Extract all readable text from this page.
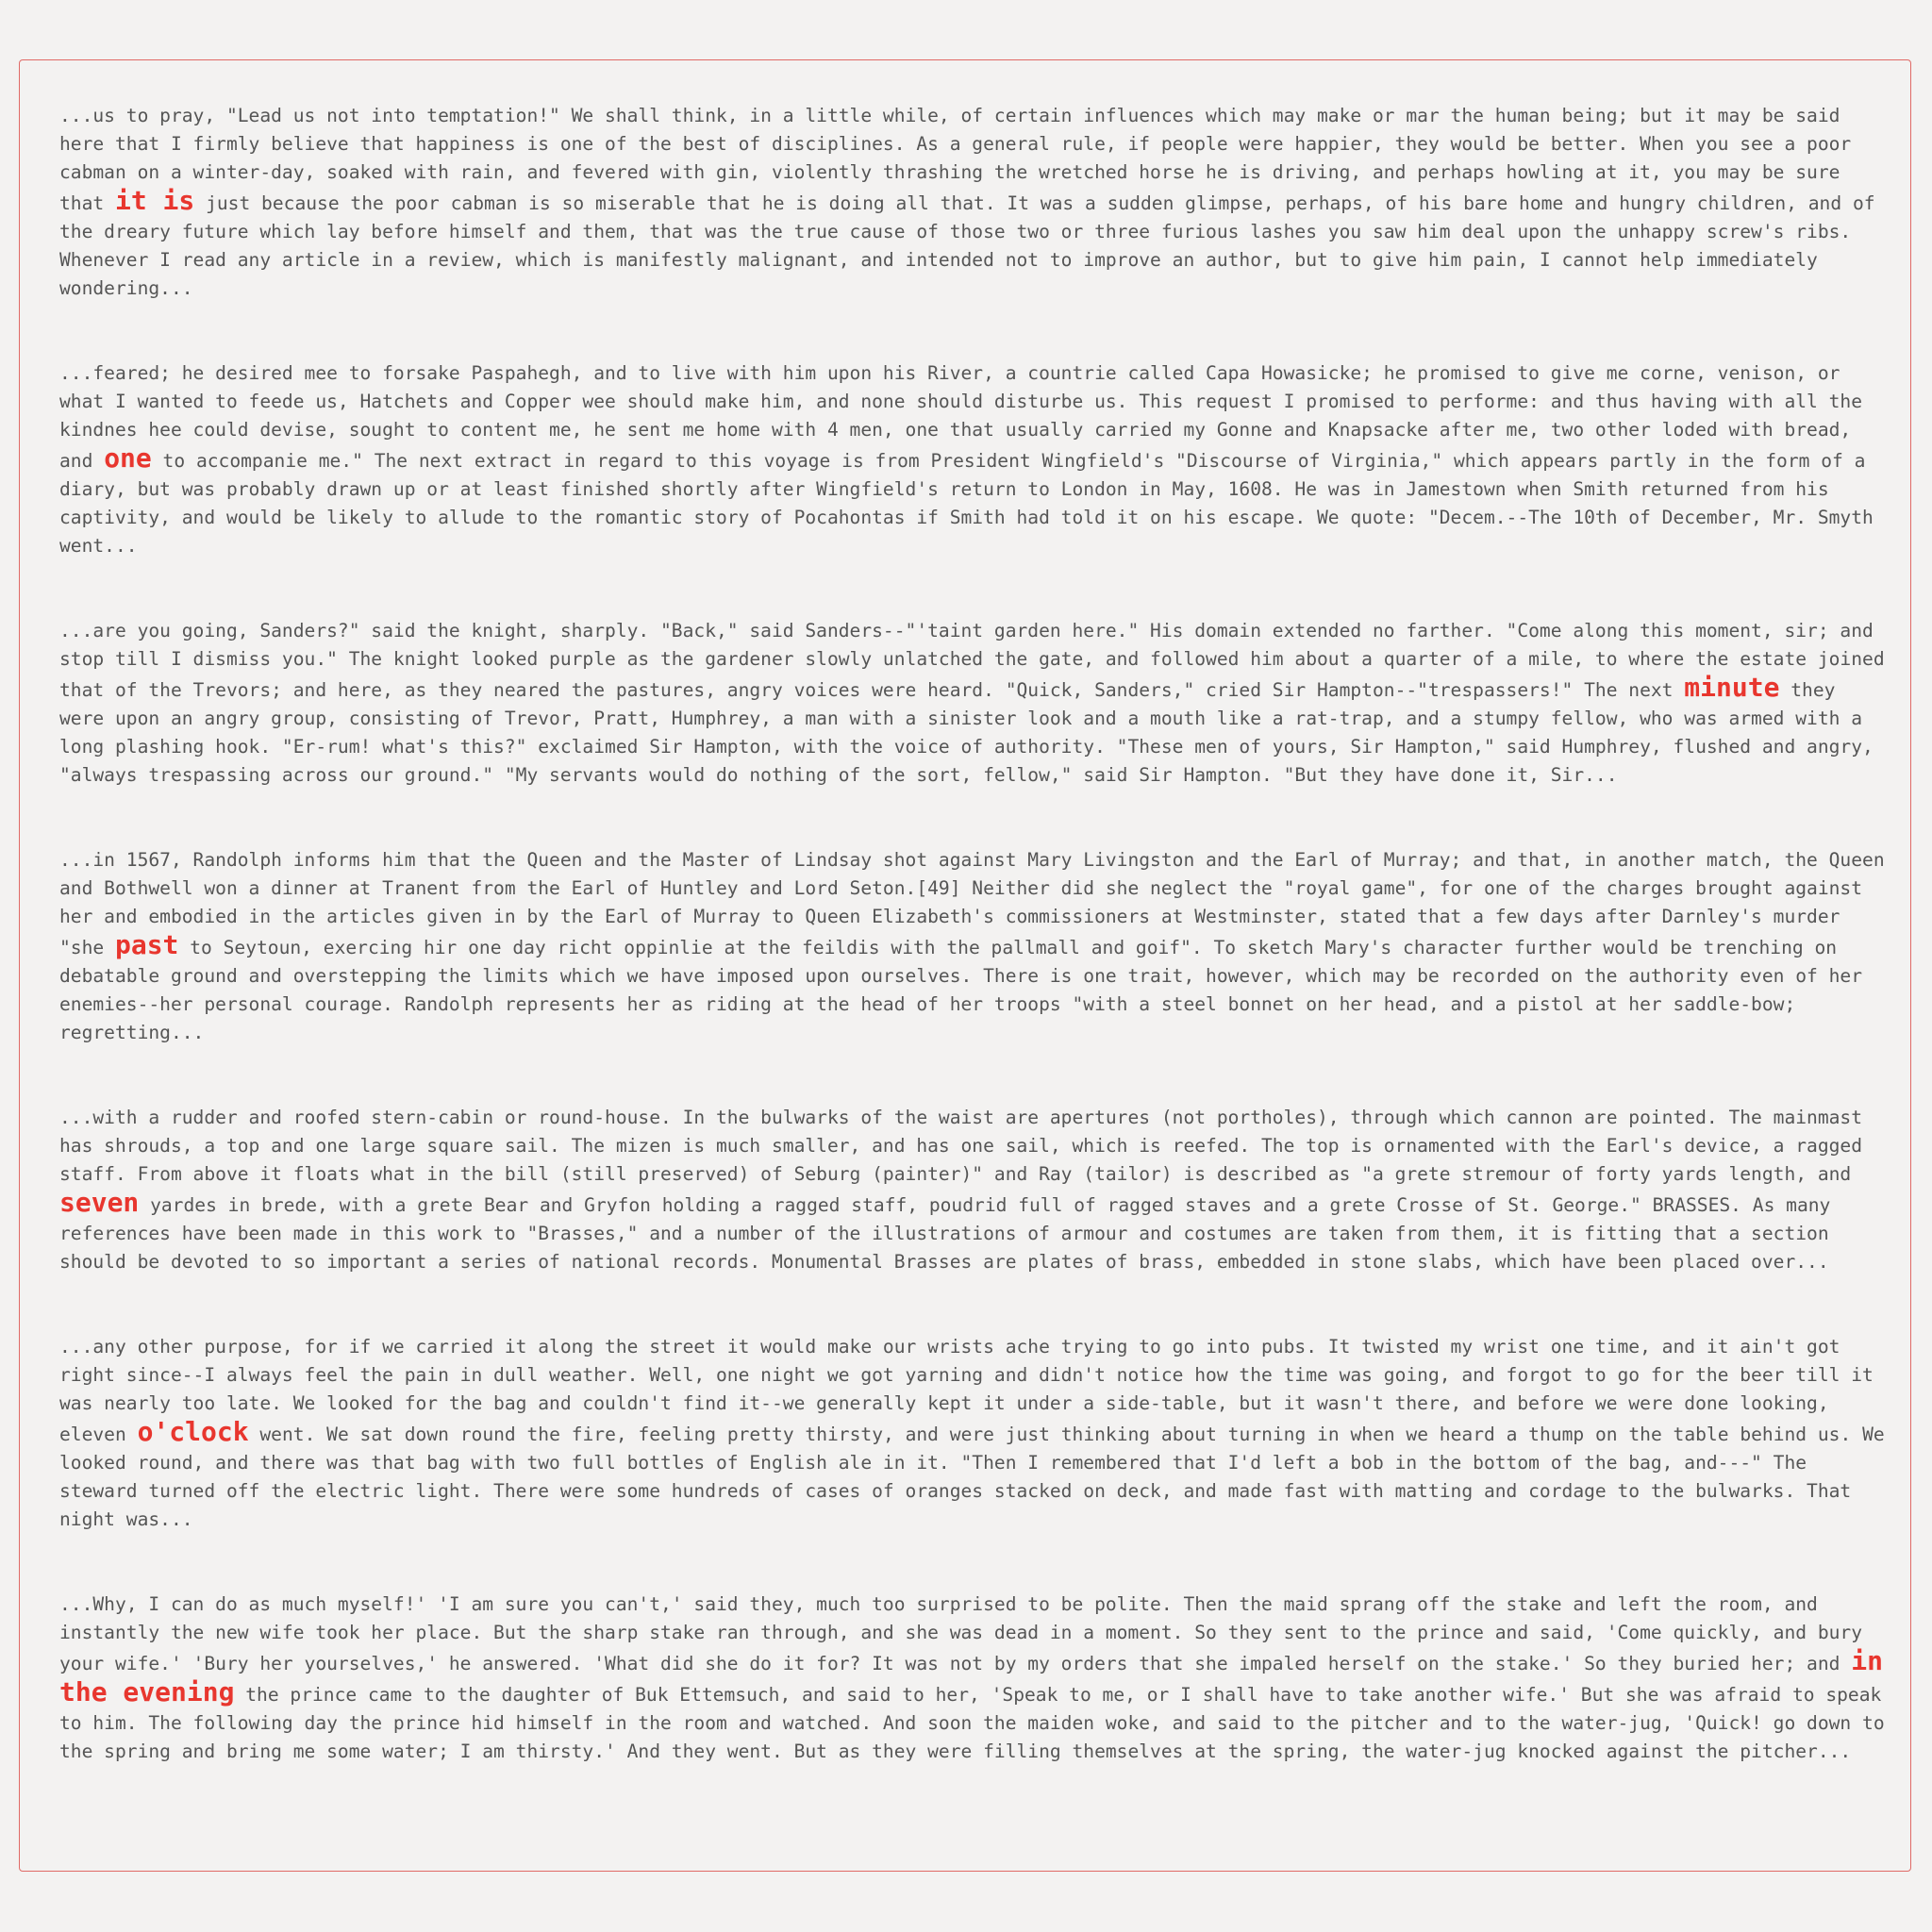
...us to pray, "Lead us not into temptation!" We shall think, in a little while, of certain influences which may make or mar the human being; but it may be said here that I firmly believe that happiness is one of the best of disciplines. As a general rule, if people were happier, they would be better. When you see a poor cabman on a winter-day, soaked with rain, and fevered with gin, violently thrashing the wretched horse he is driving, and perhaps howling at it, you may be sure that it is just because the poor cabman is so miserable that he is doing all that. It was a sudden glimpse, perhaps, of his bare home and hungry children, and of the dreary future which lay before himself and them, that was the true cause of those two or three furious lashes you saw him deal upon the unhappy screw's ribs. Whenever I read any article in a review, which is manifestly malignant, and intended not to improve an author, but to give him pain, I cannot help immediately wondering...

...feared; he desired mee to forsake Paspahegh, and to live with him upon his River, a countrie called Capa Howasicke; he promised to give me corne, venison, or what I wanted to feede us, Hatchets and Copper wee should make him, and none should disturbe us. This request I promised to performe: and thus having with all the kindnes hee could devise, sought to content me, he sent me home with 4 men, one that usually carried my Gonne and Knapsacke after me, two other loded with bread, and one to accompanie me." The next extract in regard to this voyage is from President Wingfield's "Discourse of Virginia," which appears partly in the form of a diary, but was probably drawn up or at least finished shortly after Wingfield's return to London in May, 1608. He was in Jamestown when Smith returned from his captivity, and would be likely to allude to the romantic story of Pocahontas if Smith had told it on his escape. We quote: "Decem.--The 10th of December, Mr. Smyth went...

...are you going, Sanders?" said the knight, sharply. "Back," said Sanders--"'taint garden here." His domain extended no farther. "Come along this moment, sir; and stop till I dismiss you." The knight looked purple as the gardener slowly unlatched the gate, and followed him about a quarter of a mile, to where the estate joined that of the Trevors; and here, as they neared the pastures, angry voices were heard. "Quick, Sanders," cried Sir Hampton--"trespassers!" The next minute they were upon an angry group, consisting of Trevor, Pratt, Humphrey, a man with a sinister look and a mouth like a rat-trap, and a stumpy fellow, who was armed with a long plashing hook. "Er-rum! what's this?" exclaimed Sir Hampton, with the voice of authority. "These men of yours, Sir Hampton," said Humphrey, flushed and angry, "always trespassing across our ground." "My servants would do nothing of the sort, fellow," said Sir Hampton. "But they have done it, Sir...

...in 1567, Randolph informs him that the Queen and the Master of Lindsay shot against Mary Livingston and the Earl of Murray; and that, in another match, the Queen and Bothwell won a dinner at Tranent from the Earl of Huntley and Lord Seton.[49] Neither did she neglect the "royal game", for one of the charges brought against her and embodied in the articles given in by the Earl of Murray to Queen Elizabeth's commissioners at Westminster, stated that a few days after Darnley's murder "she past to Seytoun, exercing hir one day richt oppinlie at the feildis with the pallmall and goif". To sketch Mary's character further would be trenching on debatable ground and overstepping the limits which we have imposed upon ourselves. There is one trait, however, which may be recorded on the authority even of her enemies--her personal courage. Randolph represents her as riding at the head of her troops "with a steel bonnet on her head, and a pistol at her saddle-bow; regretting...

...with a rudder and roofed stern-cabin or round-house. In the bulwarks of the waist are apertures (not portholes), through which cannon are pointed. The mainmast has shrouds, a top and one large square sail. The mizen is much smaller, and has one sail, which is reefed. The top is ornamented with the Earl's device, a ragged staff. From above it floats what in the bill (still preserved) of Seburg (painter)" and Ray (tailor) is described as "a grete stremour of forty yards length, and seven yardes in brede, with a grete Bear and Gryfon holding a ragged staff, poudrid full of ragged staves and a grete Crosse of St. George." BRASSES. As many references have been made in this work to "Brasses," and a number of the illustrations of armour and costumes are taken from them, it is fitting that a section should be devoted to so important a series of national records. Monumental Brasses are plates of brass, embedded in stone slabs, which have been placed over...

...any other purpose, for if we carried it along the street it would make our wrists ache trying to go into pubs. It twisted my wrist one time, and it ain't got right since--I always feel the pain in dull weather. Well, one night we got yarning and didn't notice how the time was going, and forgot to go for the beer till it was nearly too late. We looked for the bag and couldn't find it--we generally kept it under a side-table, but it wasn't there, and before we were done looking, eleven o'clock went. We sat down round the fire, feeling pretty thirsty, and were just thinking about turning in when we heard a thump on the table behind us. We looked round, and there was that bag with two full bottles of English ale in it. "Then I remembered that I'd left a bob in the bottom of the bag, and---" The steward turned off the electric light. There were some hundreds of cases of oranges stacked on deck, and made fast with matting and cordage to the bulwarks. That night was...

...Why, I can do as much myself!' 'I am sure you can't,' said they, much too surprised to be polite. Then the maid sprang off the stake and left the room, and instantly the new wife took her place. But the sharp stake ran through, and she was dead in a moment. So they sent to the prince and said, 'Come quickly, and bury your wife.' 'Bury her yourselves,' he answered. 'What did she do it for? It was not by my orders that she impaled herself on the stake.' So they buried her; and in the evening the prince came to the daughter of Buk Ettemsuch, and said to her, 'Speak to me, or I shall have to take another wife.' But she was afraid to speak to him. The following day the prince hid himself in the room and watched. And soon the maiden woke, and said to the pitcher and to the water-jug, 'Quick! go down to the spring and bring me some water; I am thirsty.' And they went. But as they were filling themselves at the spring, the water-jug knocked against the pitcher...
